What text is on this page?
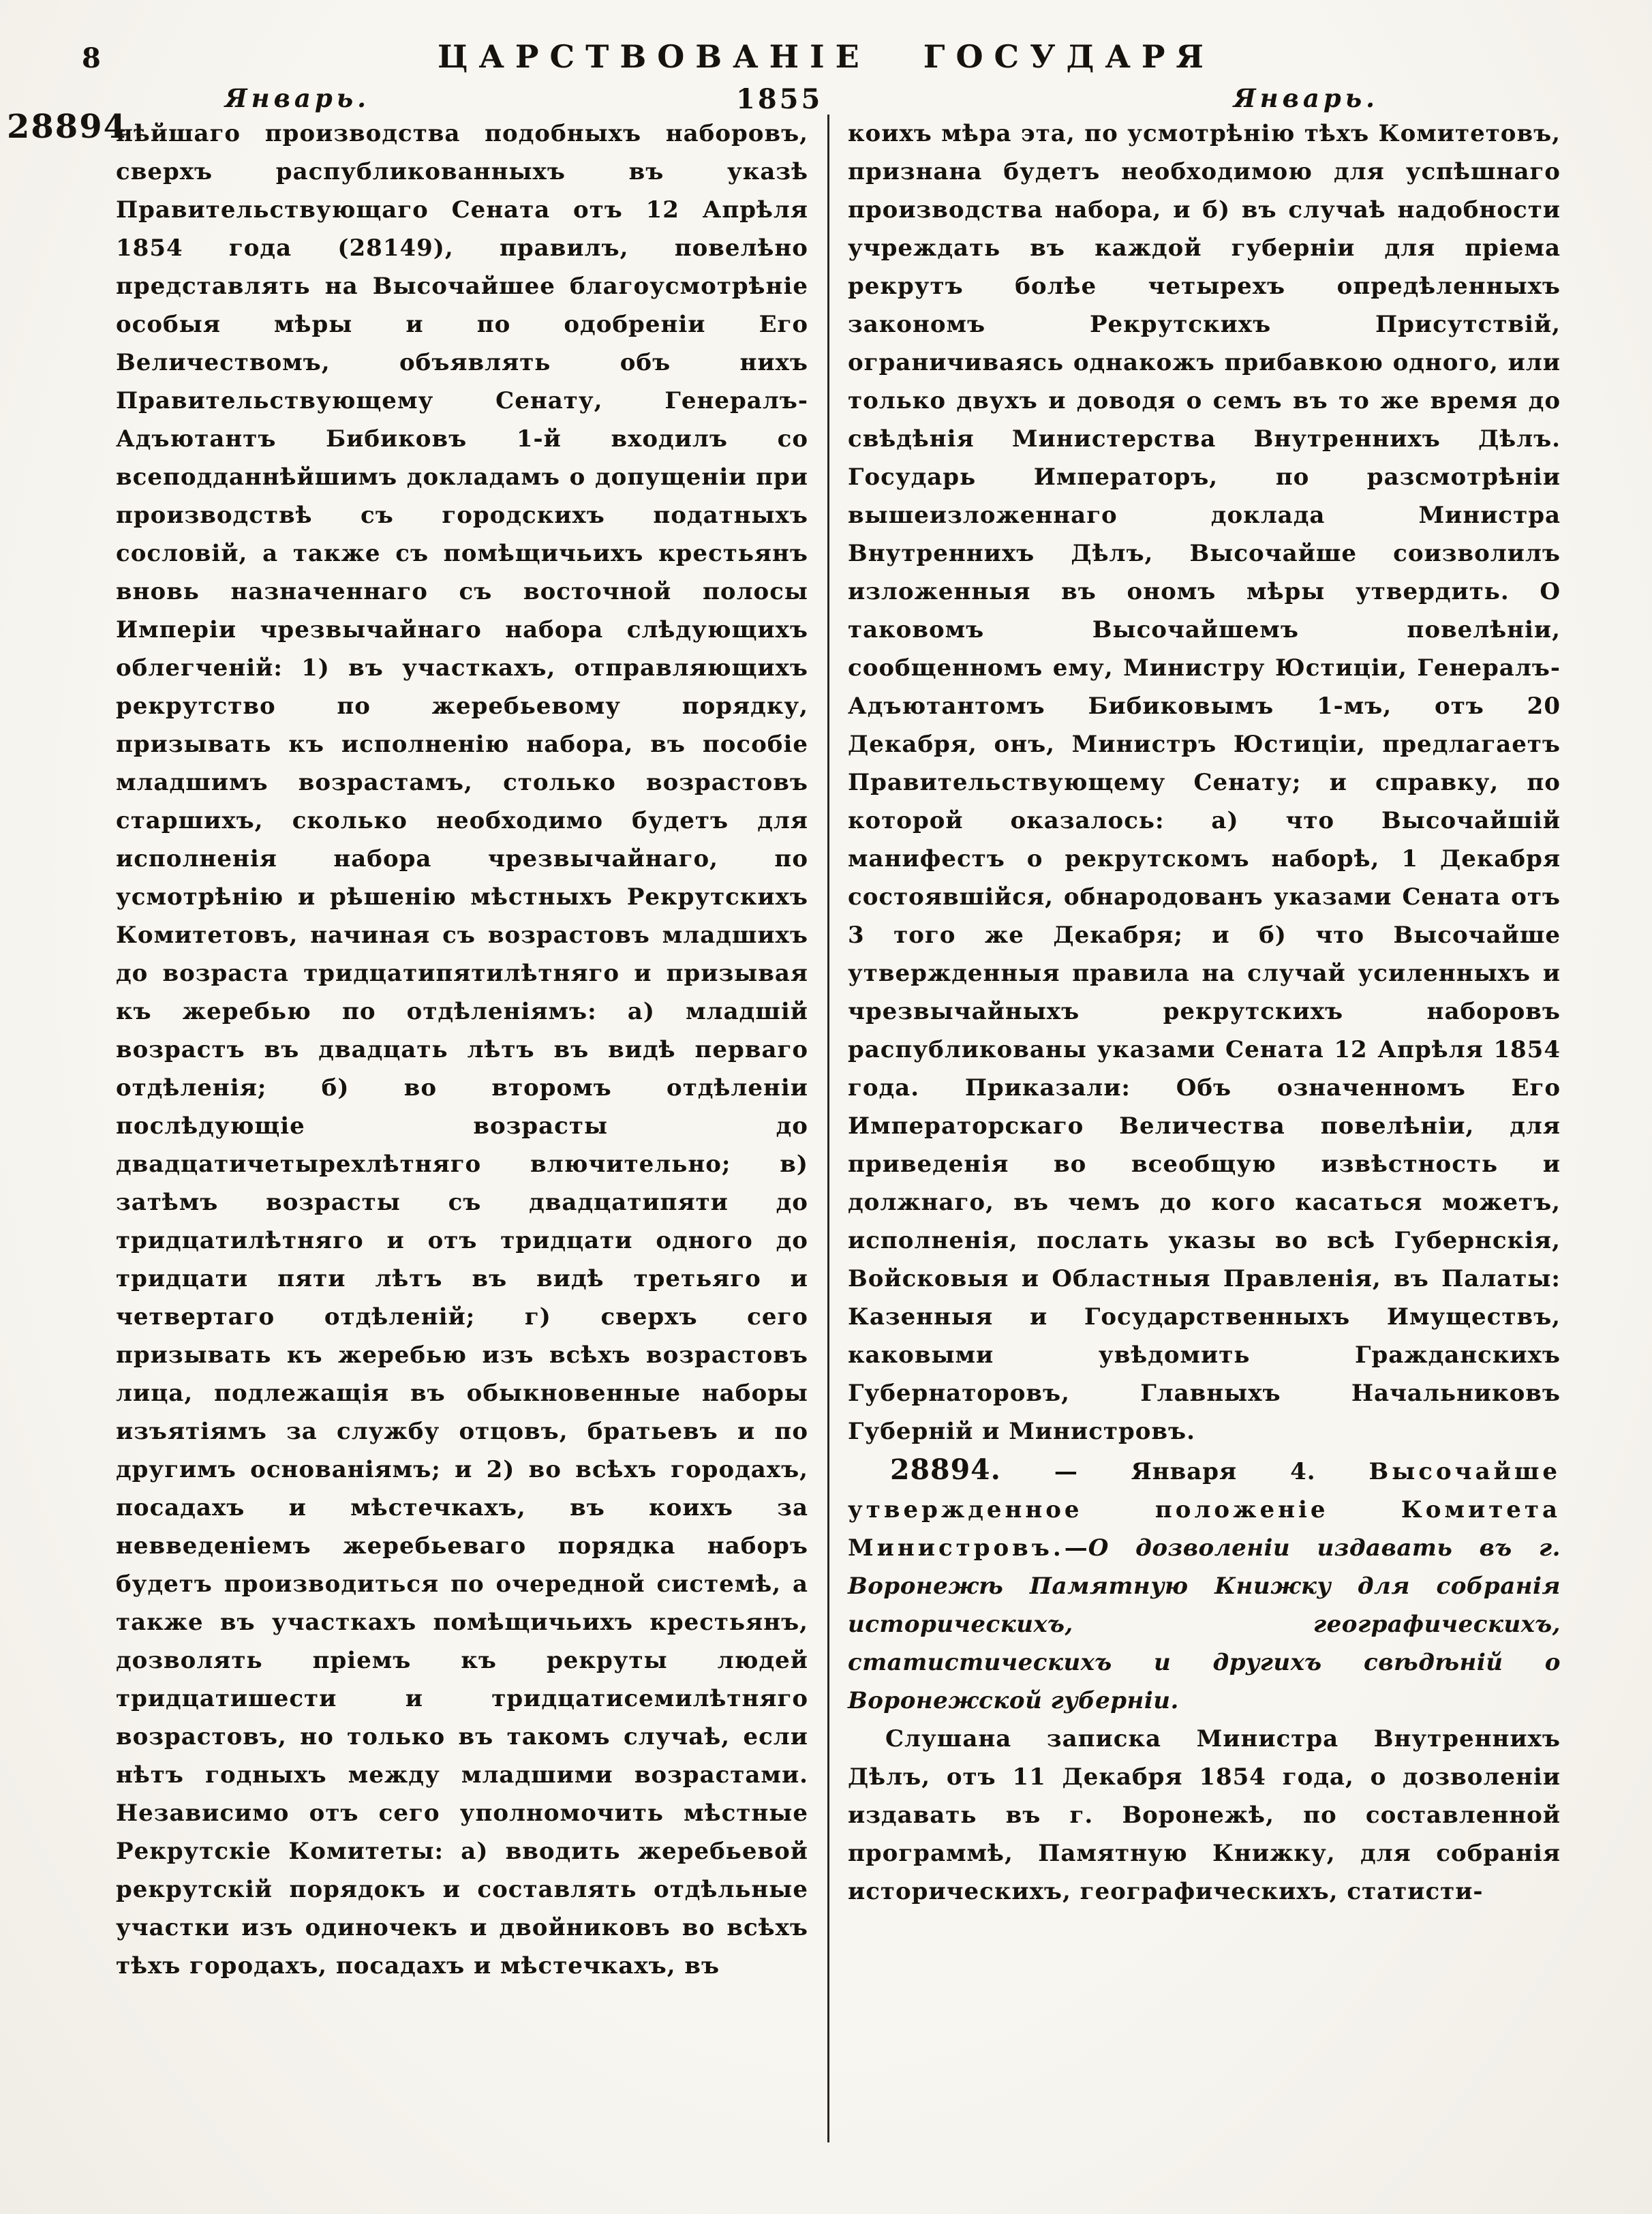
8	ЦАРСТВОВАНІЕ ГОСУДАРЯ
Январь.	1855	Январь.
28894

нѣйшаго производства подобныхъ наборовъ, сверхъ распубликованныхъ въ указѣ Правительствующаго Сената отъ 12 Апрѣля 1854 года (28149), правилъ, повелѣно представлять на Высочайшее благоусмотрѣніе особыя мѣры и по одобреніи Его Величествомъ, объявлять объ нихъ Правительствующему Сенату, Генералъ-Адъютантъ Бибиковъ 1-й входилъ со всеподданнѣйшимъ докладамъ о допущеніи при производствѣ съ городскихъ податныхъ сословій, а также съ помѣщичьихъ крестьянъ вновь назначеннаго съ восточной полосы Имперіи чрезвычайнаго набора слѣдующихъ облегченій: 1) въ участкахъ, отправляющихъ рекрутство по жеребьевому порядку, призывать къ исполненію набора, въ пособіе младшимъ возрастамъ, столько возрастовъ старшихъ, сколько необходимо будетъ для исполненія набора чрезвычайнаго, по усмотрѣнію и рѣшенію мѣстныхъ Рекрутскихъ Комитетовъ, начиная съ возрастовъ младшихъ до возраста тридцатипятилѣтняго и призывая къ жеребью по отдѣленіямъ: а) младшій возрастъ въ двадцать лѣтъ въ видѣ перваго отдѣленія; б) во второмъ отдѣленіи послѣдующіе возрасты до двадцатичетырехлѣтняго влючительно; в) затѣмъ возрасты съ двадцатипяти до тридцатилѣтняго и отъ тридцати одного до тридцати пяти лѣтъ въ видѣ третьяго и четвертаго отдѣленій; г) сверхъ сего призывать къ жеребью изъ всѣхъ возрастовъ лица, подлежащія въ обыкновенные наборы изъятіямъ за службу отцовъ, братьевъ и по другимъ основаніямъ; и 2) во всѣхъ городахъ, посадахъ и мѣстечкахъ, въ коихъ за невведеніемъ жеребьеваго порядка наборъ будетъ производиться по очередной системѣ, а также въ участкахъ помѣщичьихъ крестьянъ, дозволять пріемъ къ рекруты людей тридцатишести и тридцатисемилѣтняго возрастовъ, но только въ такомъ случаѣ, если нѣтъ годныхъ между младшими возрастами. Независимо отъ сего уполномочить мѣстные Рекрутскіе Комитеты: а) вводить жеребьевой рекрутскій порядокъ и составлять отдѣльные участки изъ одиночекъ и двойниковъ во всѣхъ тѣхъ городахъ, посадахъ и мѣстечкахъ, въ

коихъ мѣра эта, по усмотрѣнію тѣхъ Комитетовъ, признана будетъ необходимою для успѣшнаго производства набора, и б) въ случаѣ надобности учреждать въ каждой губерніи для пріема рекрутъ болѣе четырехъ опредѣленныхъ закономъ Рекрутскихъ Присутствій, ограничиваясь однакожъ прибавкою одного, или только двухъ и доводя о семъ въ то же время до свѣдѣнія Министерства Внутреннихъ Дѣлъ. Государь Императоръ, по разсмотрѣніи вышеизложеннаго доклада Министра Внутреннихъ Дѣлъ, Высочайше соизволилъ изложенныя въ ономъ мѣры утвердить. О таковомъ Высочайшемъ повелѣніи, сообщенномъ ему, Министру Юстиціи, Генералъ-Адъютантомъ Бибиковымъ 1-мъ, отъ 20 Декабря, онъ, Министръ Юстиціи, предлагаетъ Правительствующему Сенату; и справку, по которой оказалось: а) что Высочайшій манифестъ о рекрутскомъ наборѣ, 1 Декабря состоявшійся, обнародованъ указами Сената отъ 3 того же Декабря; и б) что Высочайше утвержденныя правила на случай усиленныхъ и чрезвычайныхъ рекрутскихъ наборовъ распубликованы указами Сената 12 Апрѣля 1854 года. Приказали: Объ означенномъ Его Императорскаго Величества повелѣніи, для приведенія во всеобщую извѣстность и должнаго, въ чемъ до кого касаться можетъ, исполненія, послать указы во всѣ Губернскія, Войсковыя и Областныя Правленія, въ Палаты: Казенныя и Государственныхъ Имуществъ, каковыми увѣдомить Гражданскихъ Губернаторовъ, Главныхъ Начальниковъ Губерній и Министровъ.

28894. — Января 4. Высочайше утвержденное положеніе Комитета Министровъ.—О дозволеніи издавать въ г. Воронежѣ Памятную Книжку для собранія историческихъ, географическихъ, статистическихъ и другихъ свѣдѣній о Воронежской губерніи.

Слушана записка Министра Внутреннихъ Дѣлъ, отъ 11 Декабря 1854 года, о дозволеніи издавать въ г. Воронежѣ, по составленной программѣ, Памятную Книжку, для собранія историческихъ, географическихъ, статисти-
